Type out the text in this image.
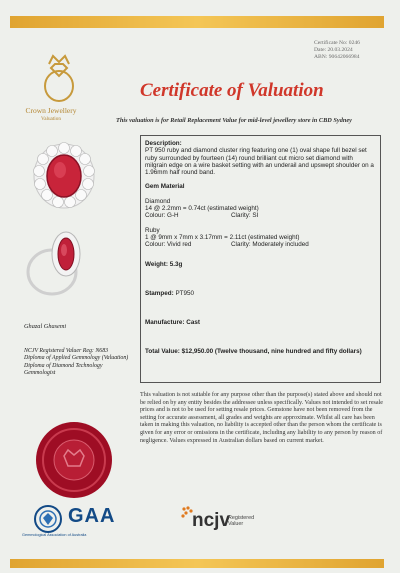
Certificate No: 0246
Date: 20.03.2024
ABN: 90642066984
Crown Jewellery
Valuation
Certificate of Valuation
This valuation is for Retail Replacement Value for mid-level jewellery store in CBD Sydney
Description:
PT 950 ruby and diamond cluster ring featuring one (1) oval shape full bezel set ruby surrounded by fourteen (14) round brilliant cut micro set diamond with milgrain edge on a wire basket setting with an underail and upswept shoulder on a 1.96mm half round band.
Gem Material
Diamond
14 @ 2.2mm = 0.74ct (estimated weight)
Colour: G-H	Clarity: SI
Ruby
1 @ 9mm x 7mm x 3.17mm = 2.11ct (estimated weight)
Colour: Vivid red	Clarity: Moderately included
Weight: 5.3g
Stamped: PT950
Manufacture: Cast
Total Value: $12,950.00 (Twelve thousand, nine hundred and fifty dollars)
Ghazal Ghasemi
NCJV Registered Valuer Reg: N683
Diploma of Applied Gemmology (Valuation)
Diploma of Diamond Technology
Gemmologist
This valuation is not suitable for any purpose other than the purpose(s) stated above and should not be relied on by any entity besides the addressee unless specifically. Values not intended to set resale prices and is not to be used for setting resale prices. Gemstone have not been removed from the setting for accurate assessment, all grades and weights are approximate. Whilst all care has been taken in making this valuation, no liability is accepted other than the person whom the certificate is given for any error or omissions in the certificate, including any liability to any person by reason of negligence. Values expressed in Australian dollars based on current market.
GAA
Gemmological Association of Australia
ncjv
Registered
Valuer
